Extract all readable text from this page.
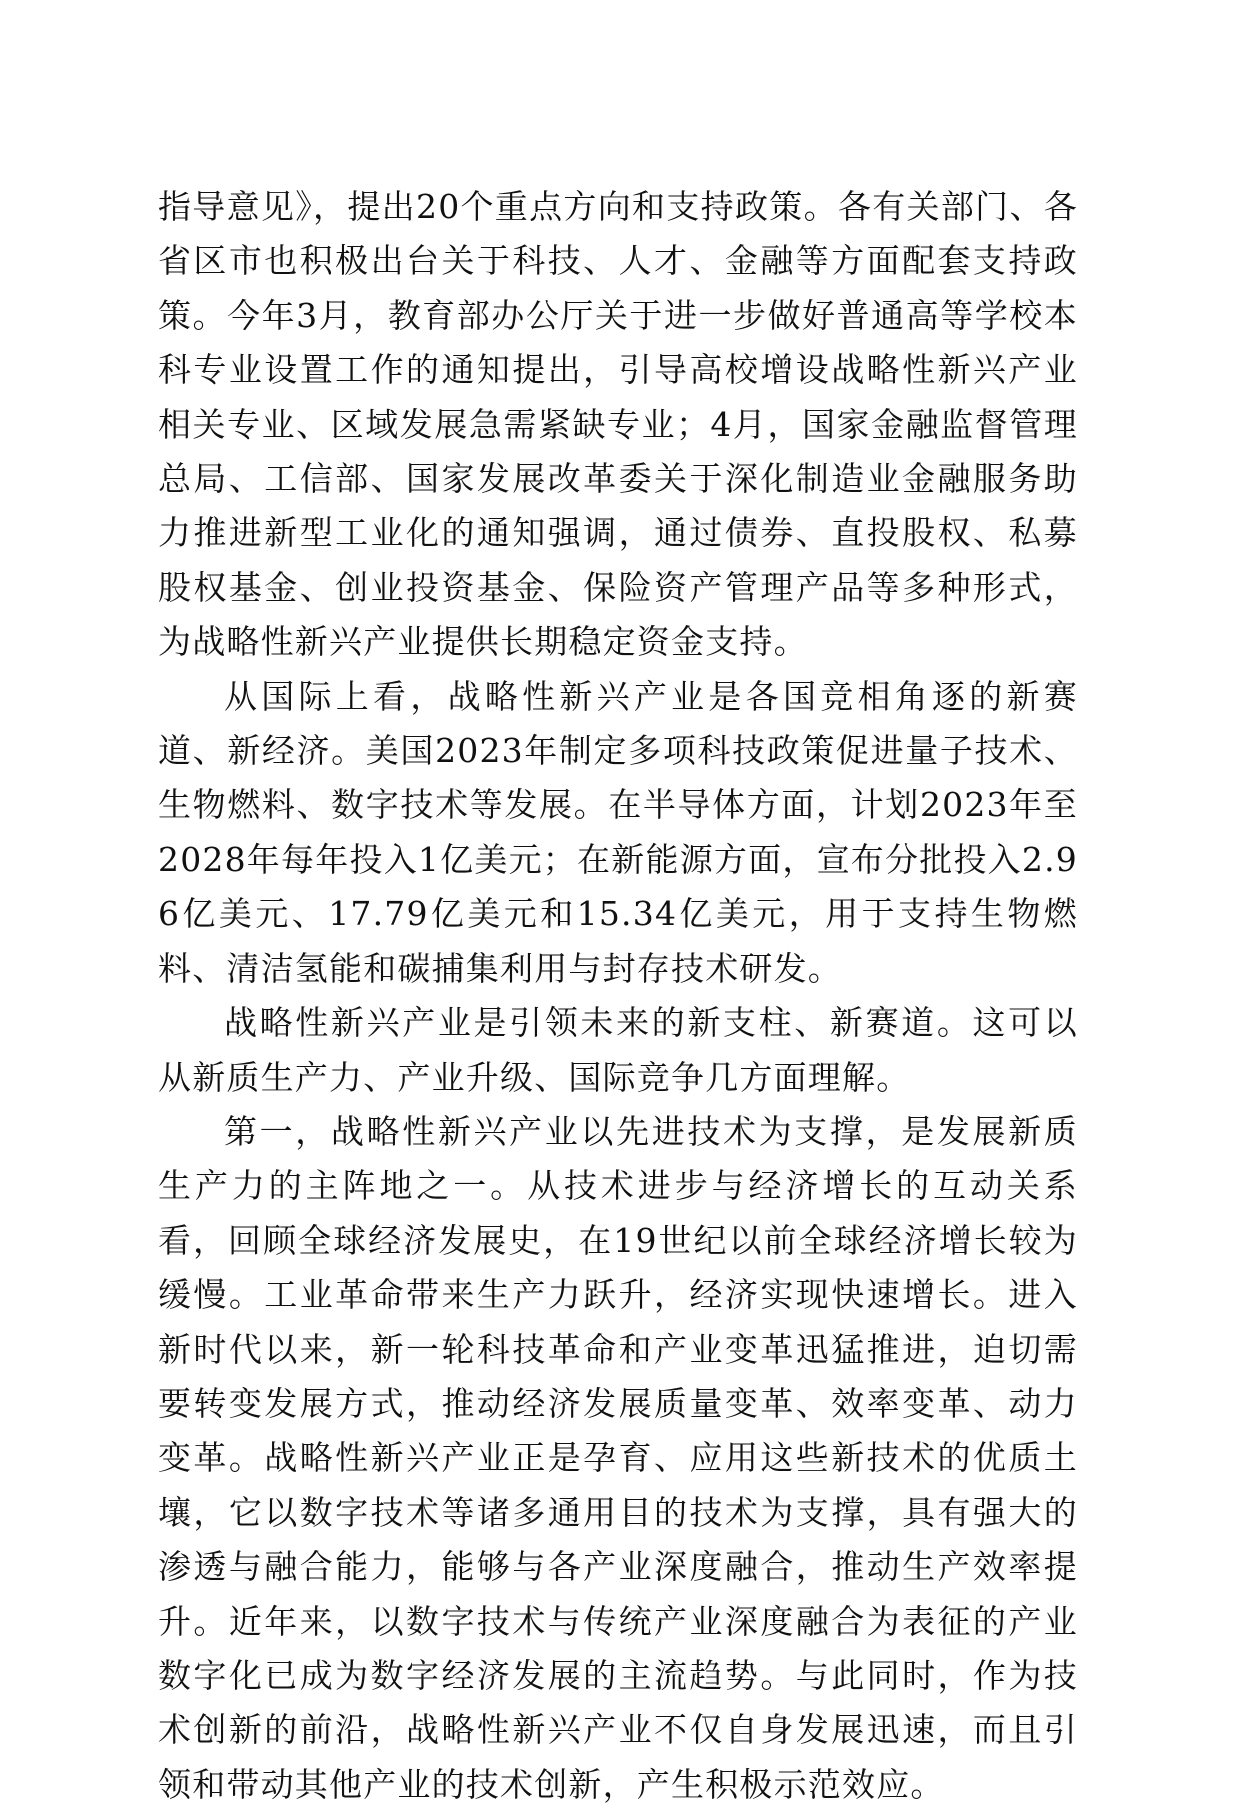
指导意见》，提出20个重点方向和支持政策。各有关部门、各省区市也积极出台关于科技、人才、金融等方面配套支持政策。今年3月，教育部办公厅关于进一步做好普通高等学校本科专业设置工作的通知提出，引导高校增设战略性新兴产业相关专业、区域发展急需紧缺专业；4月，国家金融监督管理总局、工信部、国家发展改革委关于深化制造业金融服务助力推进新型工业化的通知强调，通过债券、直投股权、私募股权基金、创业投资基金、保险资产管理产品等多种形式，为战略性新兴产业提供长期稳定资金支持。

从国际上看，战略性新兴产业是各国竞相角逐的新赛道、新经济。美国2023年制定多项科技政策促进量子技术、生物燃料、数字技术等发展。在半导体方面，计划2023年至2028年每年投入1亿美元；在新能源方面，宣布分批投入2.96亿美元、17.79亿美元和15.34亿美元，用于支持生物燃料、清洁氢能和碳捕集利用与封存技术研发。

战略性新兴产业是引领未来的新支柱、新赛道。这可以从新质生产力、产业升级、国际竞争几方面理解。

第一，战略性新兴产业以先进技术为支撑，是发展新质生产力的主阵地之一。从技术进步与经济增长的互动关系看，回顾全球经济发展史，在19世纪以前全球经济增长较为缓慢。工业革命带来生产力跃升，经济实现快速增长。进入新时代以来，新一轮科技革命和产业变革迅猛推进，迫切需要转变发展方式，推动经济发展质量变革、效率变革、动力变革。战略性新兴产业正是孕育、应用这些新技术的优质土壤，它以数字技术等诸多通用目的技术为支撑，具有强大的渗透与融合能力，能够与各产业深度融合，推动生产效率提升。近年来，以数字技术与传统产业深度融合为表征的产业数字化已成为数字经济发展的主流趋势。与此同时，作为技术创新的前沿，战略性新兴产业不仅自身发展迅速，而且引领和带动其他产业的技术创新，产生积极示范效应。
